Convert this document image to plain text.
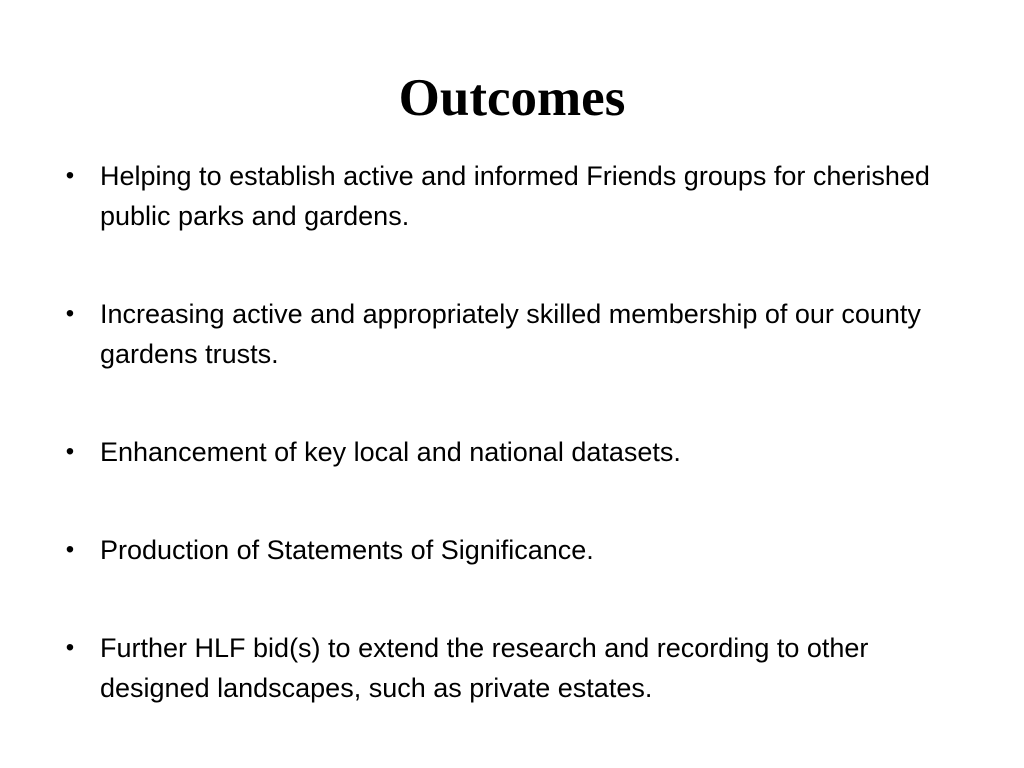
Outcomes
• Helping to establish active and informed Friends groups for cherished public parks and gardens.
• Increasing active and appropriately skilled membership of our county gardens trusts.
• Enhancement of key local and national datasets.
• Production of Statements of Significance.
• Further HLF bid(s) to extend the research and recording to other designed landscapes, such as private estates.
